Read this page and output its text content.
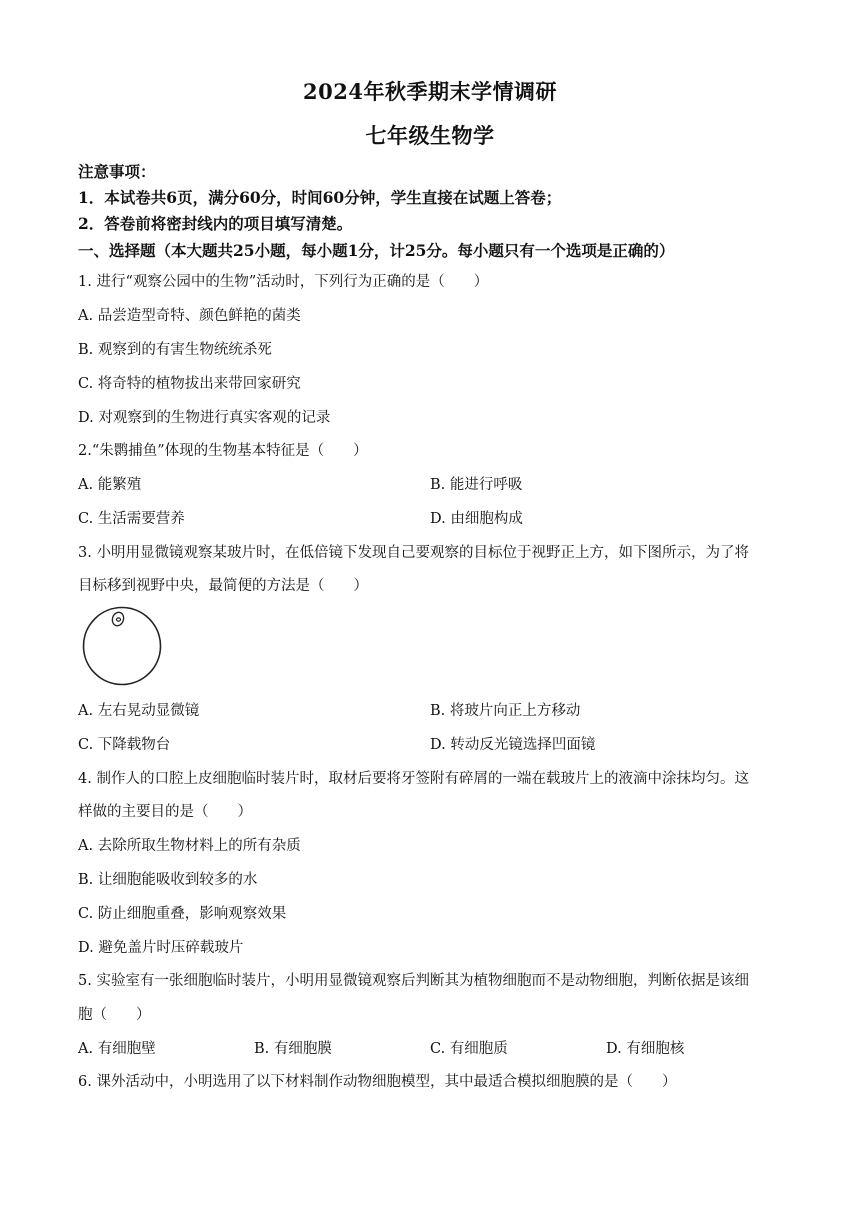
2024年秋季期末学情调研
七年级生物学
注意事项：
1．本试卷共6页，满分60分，时间60分钟，学生直接在试题上答卷；
2．答卷前将密封线内的项目填写清楚。
一、选择题（本大题共25小题，每小题1分，计25分。每小题只有一个选项是正确的）
1. 进行“观察公园中的生物”活动时，下列行为正确的是（　　）
A. 品尝造型奇特、颜色鲜艳的菌类
B. 观察到的有害生物统统杀死
C. 将奇特的植物拔出来带回家研究
D. 对观察到的生物进行真实客观的记录
2.“朱鹮捕鱼”体现的生物基本特征是（　　）
A. 能繁殖	B. 能进行呼吸
C. 生活需要营养	D. 由细胞构成
3. 小明用显微镜观察某玻片时，在低倍镜下发现自己要观察的目标位于视野正上方，如下图所示，为了将
目标移到视野中央，最简便的方法是（　　）
A. 左右晃动显微镜	B. 将玻片向正上方移动
C. 下降载物台	D. 转动反光镜选择凹面镜
4. 制作人的口腔上皮细胞临时装片时，取材后要将牙签附有碎屑的一端在载玻片上的液滴中涂抹均匀。这
样做的主要目的是（　　）
A. 去除所取生物材料上的所有杂质
B. 让细胞能吸收到较多的水
C. 防止细胞重叠，影响观察效果
D. 避免盖片时压碎载玻片
5. 实验室有一张细胞临时装片，小明用显微镜观察后判断其为植物细胞而不是动物细胞，判断依据是该细
胞（　　）
A. 有细胞壁	B. 有细胞膜	C. 有细胞质	D. 有细胞核
6. 课外活动中，小明选用了以下材料制作动物细胞模型，其中最适合模拟细胞膜的是（　　）
